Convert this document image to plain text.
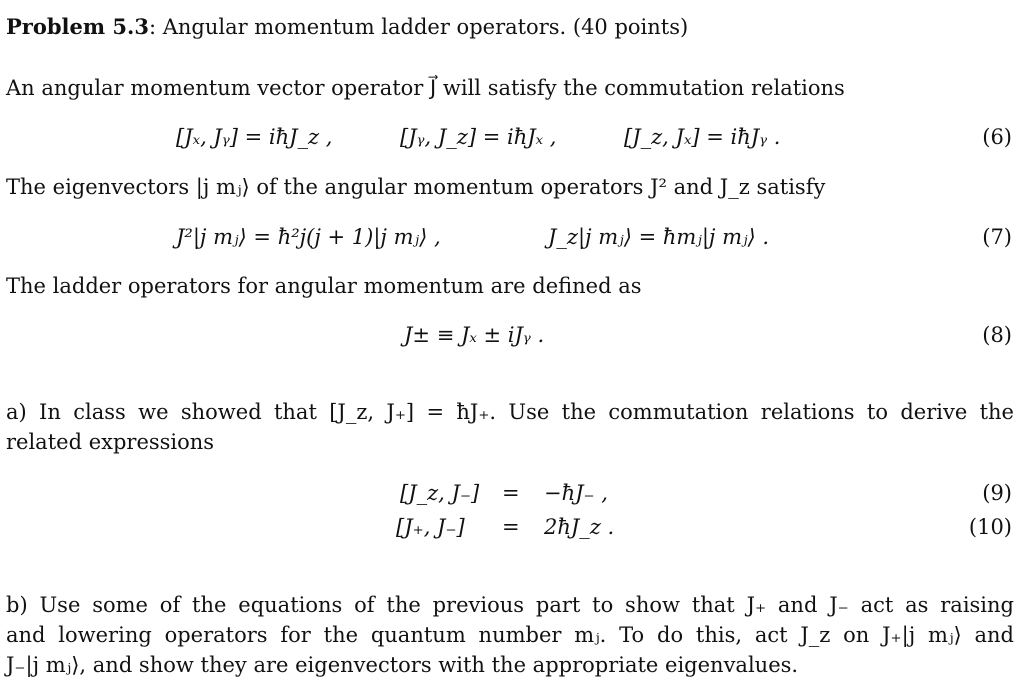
Problem 5.3: Angular momentum ladder operators. (40 points)
An angular momentum vector operator J⃗ will satisfy the commutation relations
[Jₓ, Jᵧ] = iħJ_z ,	[Jᵧ, J_z] = iħJₓ ,	[J_z, Jₓ] = iħJᵧ .	(6)
The eigenvectors |j mⱼ⟩ of the angular momentum operators J² and J_z satisfy
J²|j mⱼ⟩ = ħ²j(j + 1)|j mⱼ⟩ ,	J_z|j mⱼ⟩ = ħmⱼ|j mⱼ⟩ .	(7)
The ladder operators for angular momentum are defined as
J± ≡ Jₓ ± iJᵧ .	(8)
a) In class we showed that [J_z, J₊] = ħJ₊. Use the commutation relations to derive the
related expressions
[J_z, J₋] = −ħJ₋ ,	(9)
[J₊, J₋] = 2ħJ_z .	(10)
b) Use some of the equations of the previous part to show that J₊ and J₋ act as raising
and lowering operators for the quantum number mⱼ. To do this, act J_z on J₊|j mⱼ⟩ and
J₋|j mⱼ⟩, and show they are eigenvectors with the appropriate eigenvalues.
